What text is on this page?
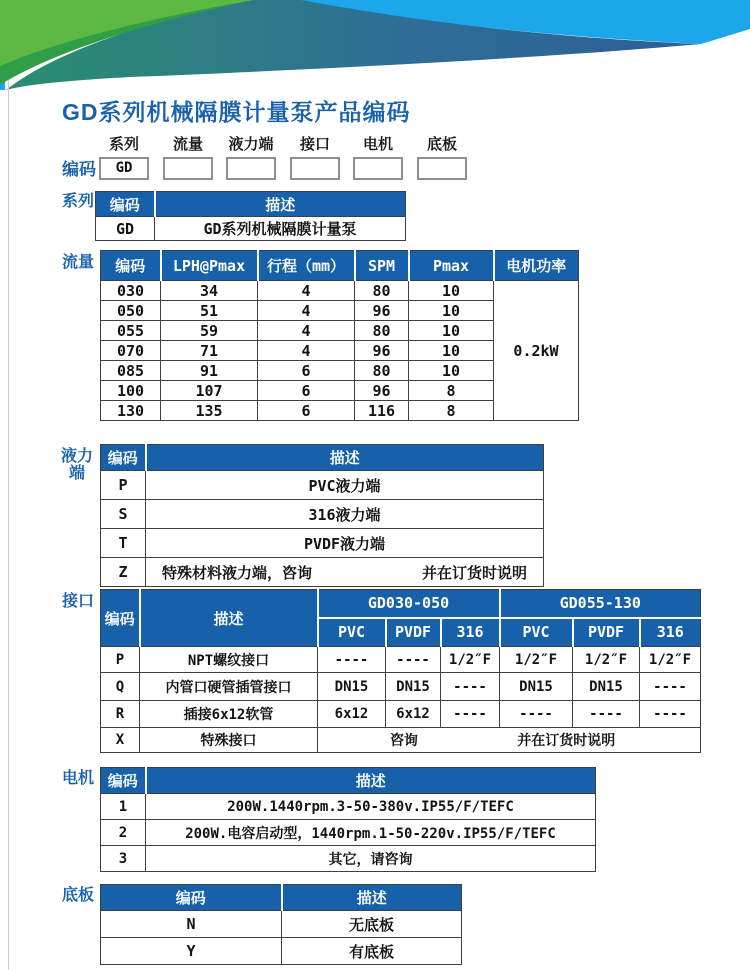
GD系列机械隔膜计量泵产品编码
编码
系列
GD
流量	液力端	接口	电机	底板
系列 编码	描述
GD	GD系列机械隔膜计量泵
流量 编码	LPH@Pmax	行程（mm）	SPM	Pmax	电机功率
030	34	4	80	10	0.2kW
050	51	4	96	10	
055	59	4	80	10	
070	71	4	96	10	
085	91	6	80	10	
100	107	6	96	8	
130	135	6	116	8	
液力
端
编码	描述
P	PVC液力端
S	316液力端
T	PVDF液力端
Z	特殊材料液力端，咨询 并在订货时说明
接口
编码	描述	GD030-050			GD055-130		
		PVC	PVDF	316	PVC	PVDF	316
P	NPT螺纹接口	----	----	1/2″F	1/2″F	1/2″F	1/2″F
Q	内管口硬管插管接口	DN15	DN15	----	DN15	DN15	----
R	插接6x12软管	6x12	6x12	----	----	----	----
X	特殊接口	咨询 并在订货时说明					
电机 编码	描述
1	200W.1440rpm.3-50-380v.IP55/F/TEFC
2	200W.电容启动型，1440rpm.1-50-220v.IP55/F/TEFC
3	其它，请咨询
底板	编码	描述
N	无底板
Y	有底板
